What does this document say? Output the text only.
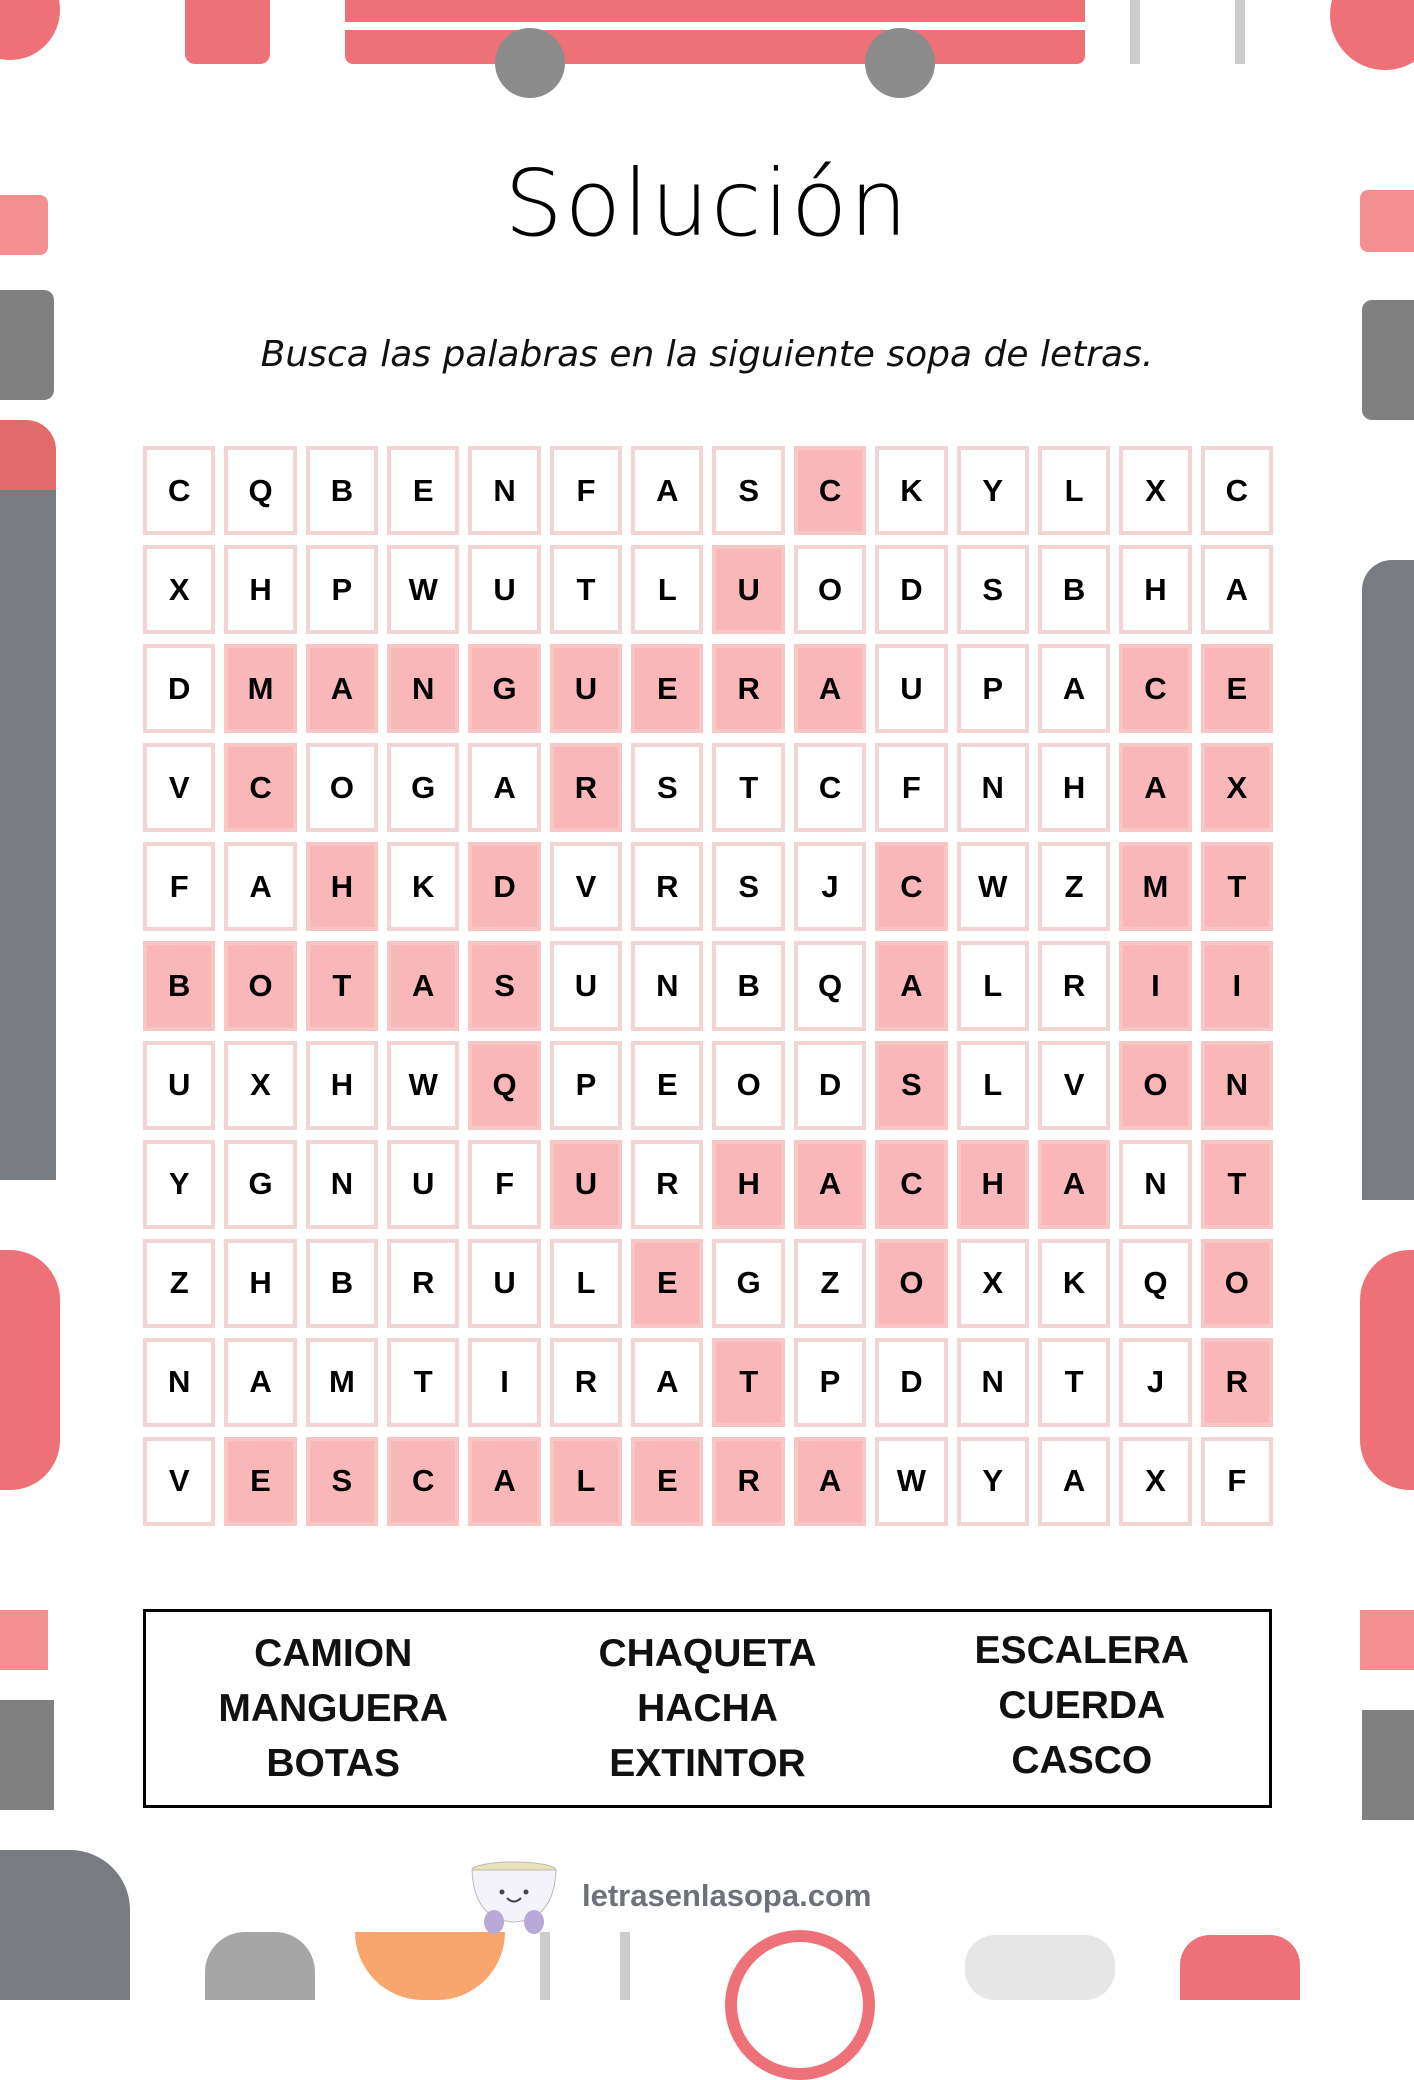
Solución
Busca las palabras en la siguiente sopa de letras.
C	Q	B	E	N	F	A	S	C	K	Y	L	X	C
X	H	P	W	U	T	L	U	O	D	S	B	H	A
D	M	A	N	G	U	E	R	A	U	P	A	C	E
V	C	O	G	A	R	S	T	C	F	N	H	A	X
F	A	H	K	D	V	R	S	J	C	W	Z	M	T
B	O	T	A	S	U	N	B	Q	A	L	R	I	I
U	X	H	W	Q	P	E	O	D	S	L	V	O	N
Y	G	N	U	F	U	R	H	A	C	H	A	N	T
Z	H	B	R	U	L	E	G	Z	O	X	K	Q	O
N	A	M	T	I	R	A	T	P	D	N	T	J	R
V	E	S	C	A	L	E	R	A	W	Y	A	X	F
CAMION
MANGUERA
BOTAS
CHAQUETA
HACHA
EXTINTOR
ESCALERA
CUERDA
CASCO
letrasenlasopa.com
